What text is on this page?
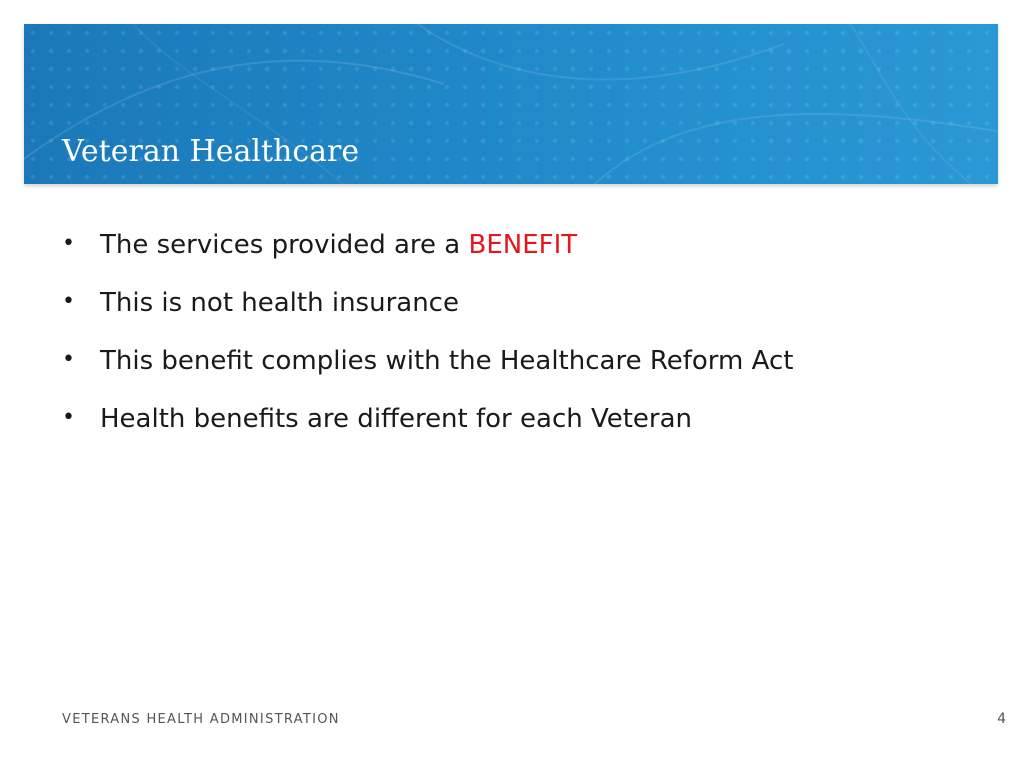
Veteran Healthcare
• The services provided are a BENEFIT
• This is not health insurance
• This benefit complies with the Healthcare Reform Act
• Health benefits are different for each Veteran
VETERANS HEALTH ADMINISTRATION	4
